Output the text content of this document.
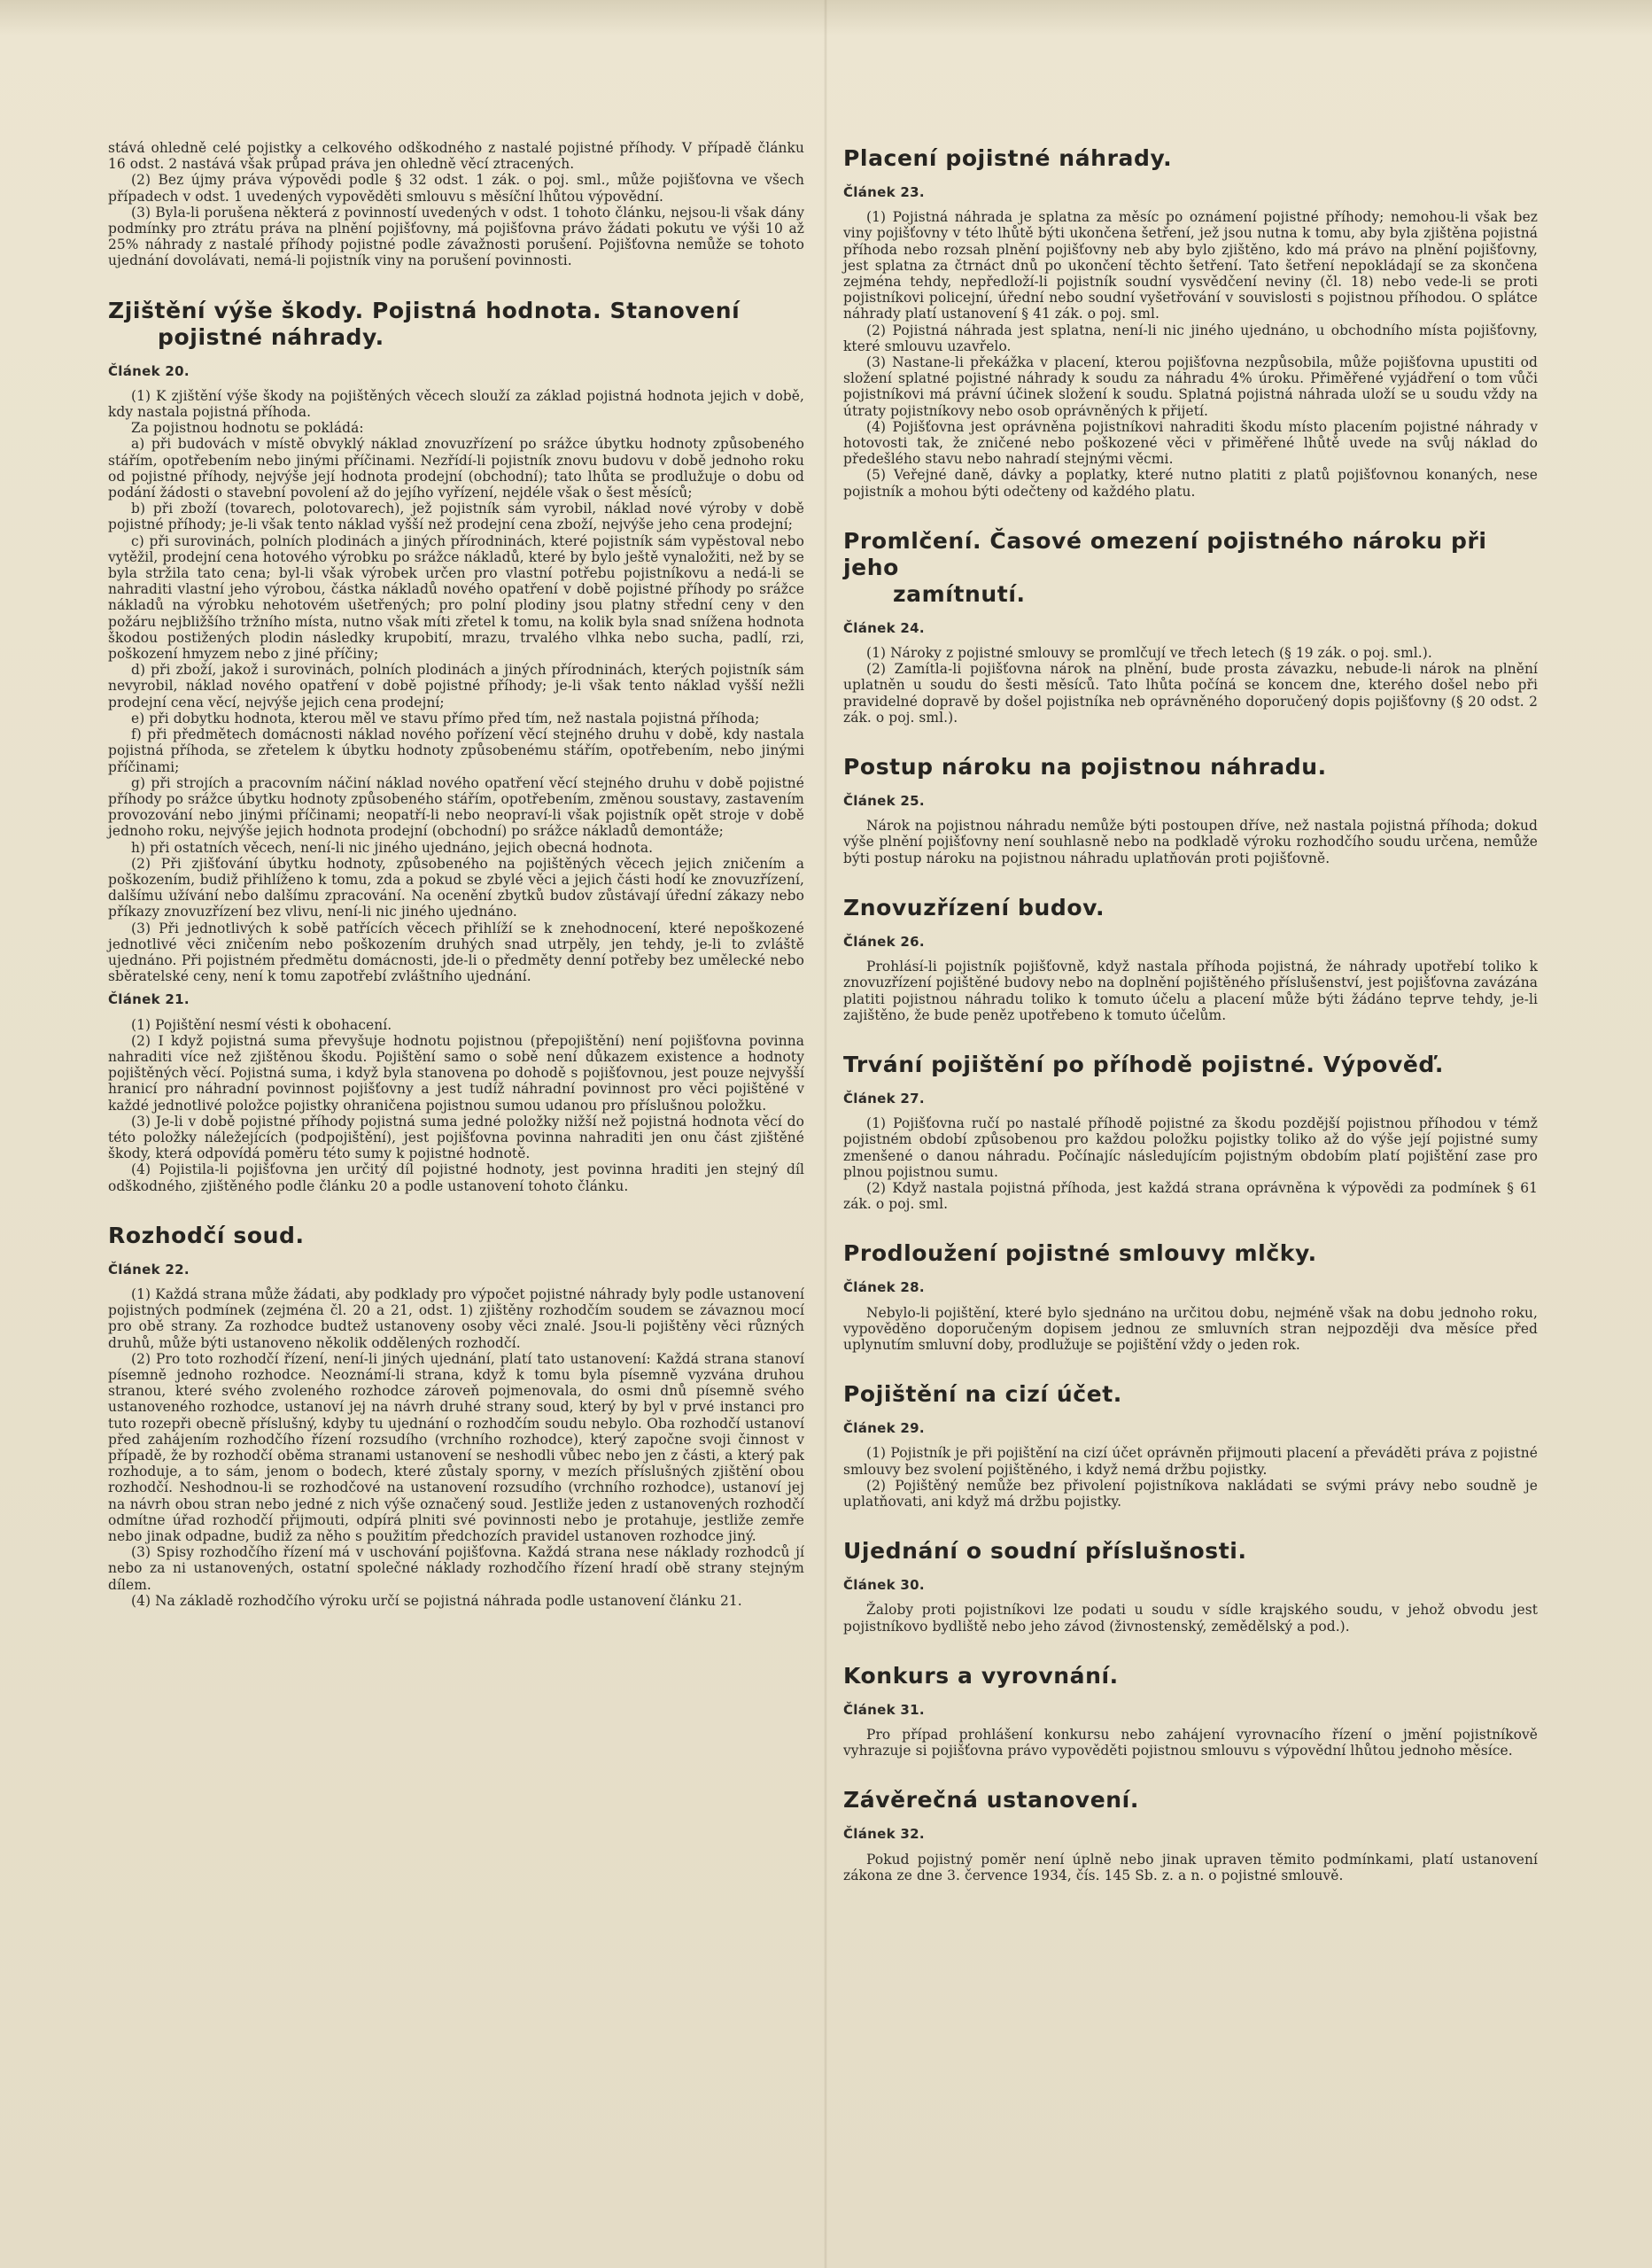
stává ohledně celé pojistky a celkového odškodného z nastalé pojistné příhody. V případě článku 16 odst. 2 nastává však průpad práva jen ohledně věcí ztracených.

(2) Bez újmy práva výpovědi podle § 32 odst. 1 zák. o poj. sml., může pojišťovna ve všech případech v odst. 1 uvedených vypověděti smlouvu s měsíční lhůtou výpovědní.

(3) Byla-li porušena některá z povinností uvedených v odst. 1 tohoto článku, nejsou-li však dány podmínky pro ztrátu práva na plnění pojišťovny, má pojišťovna právo žádati pokutu ve výši 10 až 25% náhrady z nastalé příhody pojistné podle závažnosti porušení. Pojišťovna nemůže se tohoto ujednání dovolávati, nemá-li pojistník viny na porušení povinnosti.

Zjištění výše škody. Pojistná hodnota. Stanovení
pojistné náhrady.
Článek 20.

(1) K zjištění výše škody na pojištěných věcech slouží za základ pojistná hodnota jejich v době, kdy nastala pojistná příhoda.

Za pojistnou hodnotu se pokládá:

a) při budovách v místě obvyklý náklad znovuzřízení po srážce úbytku hodnoty způsobeného stářím, opotřebením nebo jinými příčinami. Nezřídí-li pojistník znovu budovu v době jednoho roku od pojistné příhody, nejvýše její hodnota prodejní (obchodní); tato lhůta se prodlužuje o dobu od podání žádosti o stavební povolení až do jejího vyřízení, nejdéle však o šest měsíců;

b) při zboží (tovarech, polotovarech), jež pojistník sám vyrobil, náklad nové výroby v době pojistné příhody; je-li však tento náklad vyšší než prodejní cena zboží, nejvýše jeho cena prodejní;

c) při surovinách, polních plodinách a jiných přírodninách, které pojistník sám vypěstoval nebo vytěžil, prodejní cena hotového výrobku po srážce nákladů, které by bylo ještě vynaložiti, než by se byla stržila tato cena; byl-li však výrobek určen pro vlastní potřebu pojistníkovu a nedá-li se nahraditi vlastní jeho výrobou, částka nákladů nového opatření v době pojistné příhody po srážce nákladů na výrobku nehotovém ušetřených; pro polní plodiny jsou platny střední ceny v den požáru nejbližšího tržního místa, nutno však míti zřetel k tomu, na kolik byla snad snížena hodnota škodou postižených plodin následky krupobití, mrazu, trvalého vlhka nebo sucha, padlí, rzi, poškození hmyzem nebo z jiné příčiny;

d) při zboží, jakož i surovinách, polních plodinách a jiných přírodninách, kterých pojistník sám nevyrobil, náklad nového opatření v době pojistné příhody; je-li však tento náklad vyšší nežli prodejní cena věcí, nejvýše jejich cena prodejní;

e) při dobytku hodnota, kterou měl ve stavu přímo před tím, než nastala pojistná příhoda;

f) při předmětech domácnosti náklad nového pořízení věcí stejného druhu v době, kdy nastala pojistná příhoda, se zřetelem k úbytku hodnoty způsobenému stářím, opotřebením, nebo jinými příčinami;

g) při strojích a pracovním náčiní náklad nového opatření věcí stejného druhu v době pojistné příhody po srážce úbytku hodnoty způsobeného stářím, opotřebením, změnou soustavy, zastavením provozování nebo jinými příčinami; neopatří-li nebo neopraví-li však pojistník opět stroje v době jednoho roku, nejvýše jejich hodnota prodejní (obchodní) po srážce nákladů demontáže;

h) při ostatních věcech, není-li nic jiného ujednáno, jejich obecná hodnota.

(2) Při zjišťování úbytku hodnoty, způsobeného na pojištěných věcech jejich zničením a poškozením, budiž přihlíženo k tomu, zda a pokud se zbylé věci a jejich části hodí ke znovuzřízení, dalšímu užívání nebo dalšímu zpracování. Na ocenění zbytků budov zůstávají úřední zákazy nebo příkazy znovuzřízení bez vlivu, není-li nic jiného ujednáno.

(3) Při jednotlivých k sobě patřících věcech přihlíží se k znehodnocení, které nepoškozené jednotlivé věci zničením nebo poškozením druhých snad utrpěly, jen tehdy, je-li to zvláště ujednáno. Při pojistném předmětu domácnosti, jde-li o předměty denní potřeby bez umělecké nebo sběratelské ceny, není k tomu zapotřebí zvláštního ujednání.

Článek 21.

(1) Pojištění nesmí vésti k obohacení.

(2) I když pojistná suma převyšuje hodnotu pojistnou (přepojištění) není pojišťovna povinna nahraditi více než zjištěnou škodu. Pojištění samo o sobě není důkazem existence a hodnoty pojištěných věcí. Pojistná suma, i když byla stanovena po dohodě s pojišťovnou, jest pouze nejvyšší hranicí pro náhradní povinnost pojišťovny a jest tudíž náhradní povinnost pro věci pojištěné v každé jednotlivé položce pojistky ohraničena pojistnou sumou udanou pro příslušnou položku.

(3) Je-li v době pojistné příhody pojistná suma jedné položky nižší než pojistná hodnota věcí do této položky náležejících (podpojištění), jest pojišťovna povinna nahraditi jen onu část zjištěné škody, která odpovídá poměru této sumy k pojistné hodnotě.

(4) Pojistila-li pojišťovna jen určitý díl pojistné hodnoty, jest povinna hraditi jen stejný díl odškodného, zjištěného podle článku 20 a podle ustanovení tohoto článku.

Rozhodčí soud.
Článek 22.

(1) Každá strana může žádati, aby podklady pro výpočet pojistné náhrady byly podle ustanovení pojistných podmínek (zejména čl. 20 a 21, odst. 1) zjištěny rozhodčím soudem se závaznou mocí pro obě strany. Za rozhodce budtež ustanoveny osoby věci znalé. Jsou-li pojištěny věci různých druhů, může býti ustanoveno několik oddělených rozhodčí.

(2) Pro toto rozhodčí řízení, není-li jiných ujednání, platí tato ustanovení: Každá strana stanoví písemně jednoho rozhodce. Neoznámí-li strana, když k tomu byla písemně vyzvána druhou stranou, které svého zvoleného rozhodce zároveň pojmenovala, do osmi dnů písemně svého ustanoveného rozhodce, ustanoví jej na návrh druhé strany soud, který by byl v prvé instanci pro tuto rozepři obecně příslušný, kdyby tu ujednání o rozhodčím soudu nebylo. Oba rozhodčí ustanoví před zahájením rozhodčího řízení rozsudího (vrchního rozhodce), který započne svoji činnost v případě, že by rozhodčí oběma stranami ustanovení se neshodli vůbec nebo jen z části, a který pak rozhoduje, a to sám, jenom o bodech, které zůstaly sporny, v mezích příslušných zjištění obou rozhodčí. Neshodnou-li se rozhodčové na ustanovení rozsudího (vrchního rozhodce), ustanoví jej na návrh obou stran nebo jedné z nich výše označený soud. Jestliže jeden z ustanovených rozhodčí odmítne úřad rozhodčí přijmouti, odpírá plniti své povinnosti nebo je protahuje, jestliže zemře nebo jinak odpadne, budiž za něho s použitím předchozích pravidel ustanoven rozhodce jiný.

(3) Spisy rozhodčího řízení má v uschování pojišťovna. Každá strana nese náklady rozhodců jí nebo za ni ustanovených, ostatní společné náklady rozhodčího řízení hradí obě strany stejným dílem.

(4) Na základě rozhodčího výroku určí se pojistná náhrada podle ustanovení článku 21.

Placení pojistné náhrady.
Článek 23.

(1) Pojistná náhrada je splatna za měsíc po oznámení pojistné příhody; nemohou-li však bez viny pojišťovny v této lhůtě býti ukončena šetření, jež jsou nutna k tomu, aby byla zjištěna pojistná příhoda nebo rozsah plnění pojišťovny neb aby bylo zjištěno, kdo má právo na plnění pojišťovny, jest splatna za čtrnáct dnů po ukončení těchto šetření. Tato šetření nepokládají se za skončena zejména tehdy, nepředloží-li pojistník soudní vysvědčení neviny (čl. 18) nebo vede-li se proti pojistníkovi policejní, úřední nebo soudní vyšetřování v souvislosti s pojistnou příhodou. O splátce náhrady platí ustanovení § 41 zák. o poj. sml.

(2) Pojistná náhrada jest splatna, není-li nic jiného ujednáno, u obchodního místa pojišťovny, které smlouvu uzavřelo.

(3) Nastane-li překážka v placení, kterou pojišťovna nezpůsobila, může pojišťovna upustiti od složení splatné pojistné náhrady k soudu za náhradu 4% úroku. Přiměřené vyjádření o tom vůči pojistníkovi má právní účinek složení k soudu. Splatná pojistná náhrada uloží se u soudu vždy na útraty pojistníkovy nebo osob oprávněných k přijetí.

(4) Pojišťovna jest oprávněna pojistníkovi nahraditi škodu místo placením pojistné náhrady v hotovosti tak, že zničené nebo poškozené věci v přiměřené lhůtě uvede na svůj náklad do předešlého stavu nebo nahradí stejnými věcmi.

(5) Veřejné daně, dávky a poplatky, které nutno platiti z platů pojišťovnou konaných, nese pojistník a mohou býti odečteny od každého platu.

Promlčení. Časové omezení pojistného nároku při jeho
zamítnutí.
Článek 24.

(1) Nároky z pojistné smlouvy se promlčují ve třech letech (§ 19 zák. o poj. sml.).

(2) Zamítla-li pojišťovna nárok na plnění, bude prosta závazku, nebude-li nárok na plnění uplatněn u soudu do šesti měsíců. Tato lhůta počíná se koncem dne, kterého došel nebo při pravidelné dopravě by došel pojistníka neb oprávněného doporučený dopis pojišťovny (§ 20 odst. 2 zák. o poj. sml.).

Postup nároku na pojistnou náhradu.
Článek 25.

Nárok na pojistnou náhradu nemůže býti postoupen dříve, než nastala pojistná příhoda; dokud výše plnění pojišťovny není souhlasně nebo na podkladě výroku rozhodčího soudu určena, nemůže býti postup nároku na pojistnou náhradu uplatňován proti pojišťovně.

Znovuzřízení budov.
Článek 26.

Prohlásí-li pojistník pojišťovně, když nastala příhoda pojistná, že náhrady upotřebí toliko k znovuzřízení pojištěné budovy nebo na doplnění pojištěného příslušenství, jest pojišťovna zavázána platiti pojistnou náhradu toliko k tomuto účelu a placení může býti žádáno teprve tehdy, je-li zajištěno, že bude peněz upotřebeno k tomuto účelům.

Trvání pojištění po příhodě pojistné. Výpověď.
Článek 27.

(1) Pojišťovna ručí po nastalé příhodě pojistné za škodu pozdější pojistnou příhodou v témž pojistném období způsobenou pro každou položku pojistky toliko až do výše její pojistné sumy zmenšené o danou náhradu. Počínajíc následujícím pojistným obdobím platí pojištění zase pro plnou pojistnou sumu.

(2) Když nastala pojistná příhoda, jest každá strana oprávněna k výpovědi za podmínek § 61 zák. o poj. sml.

Prodloužení pojistné smlouvy mlčky.
Článek 28.

Nebylo-li pojištění, které bylo sjednáno na určitou dobu, nejméně však na dobu jednoho roku, vypověděno doporučeným dopisem jednou ze smluvních stran nejpozději dva měsíce před uplynutím smluvní doby, prodlužuje se pojištění vždy o jeden rok.

Pojištění na cizí účet.
Článek 29.

(1) Pojistník je při pojištění na cizí účet oprávněn přijmouti placení a převáděti práva z pojistné smlouvy bez svolení pojištěného, i když nemá držbu pojistky.

(2) Pojištěný nemůže bez přivolení pojistníkova nakládati se svými právy nebo soudně je uplatňovati, ani když má držbu pojistky.

Ujednání o soudní příslušnosti.
Článek 30.

Žaloby proti pojistníkovi lze podati u soudu v sídle krajského soudu, v jehož obvodu jest pojistníkovo bydliště nebo jeho závod (živnostenský, zemědělský a pod.).

Konkurs a vyrovnání.
Článek 31.

Pro případ prohlášení konkursu nebo zahájení vyrovnacího řízení o jmění pojistníkově vyhrazuje si pojišťovna právo vypověděti pojistnou smlouvu s výpovědní lhůtou jednoho měsíce.

Závěrečná ustanovení.
Článek 32.

Pokud pojistný poměr není úplně nebo jinak upraven těmito podmínkami, platí ustanovení zákona ze dne 3. července 1934, čís. 145 Sb. z. a n. o pojistné smlouvě.
